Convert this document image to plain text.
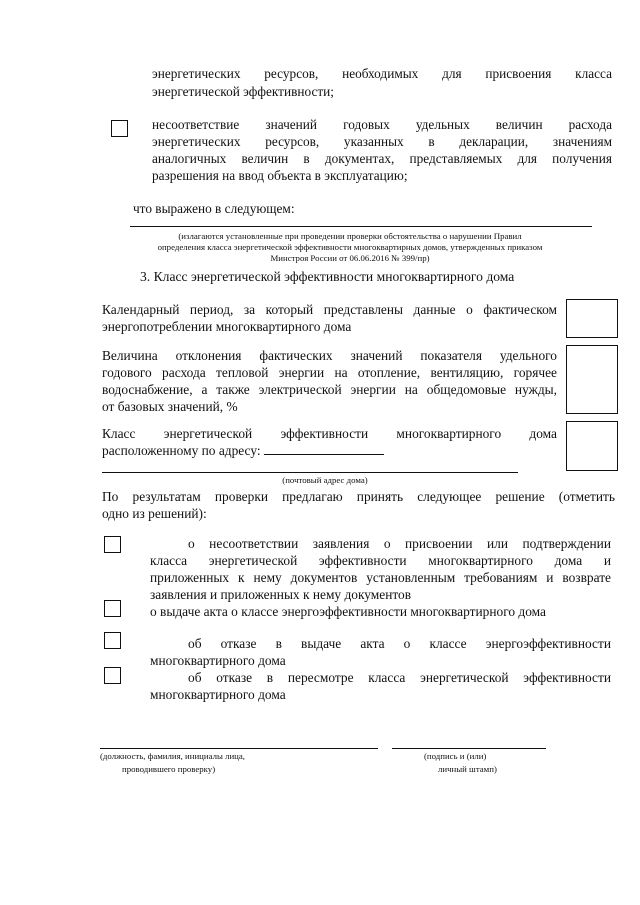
энергетических ресурсов, необходимых для присвоения класса
энергетической эффективности;
несоответствие значений годовых удельных величин расхода
энергетических ресурсов, указанных в декларации, значениям
аналогичных величин в документах, представляемых для получения
разрешения на ввод объекта в эксплуатацию;
что выражено в следующем:
(излагаются установленные при проведении проверки обстоятельства о нарушении Правил
определения класса энергетической эффективности многоквартирных домов, утвержденных приказом
Минстроя России от 06.06.2016 № 399/пр)
3. Класс энергетической эффективности многоквартирного дома
Календарный период, за который представлены данные о фактическом
энергопотреблении многоквартирного дома
Величина отклонения фактических значений показателя удельного
годового расхода тепловой энергии на отопление, вентиляцию, горячее
водоснабжение, а также электрической энергии на общедомовые нужды,
от базовых значений, %
Класс энергетической эффективности многоквартирного дома
расположенному по адресу:
(почтовый адрес дома)
По результатам проверки предлагаю принять следующее решение (отметить
одно из решений):
о несоответствии заявления о присвоении или подтверждении
класса энергетической эффективности многоквартирного дома и
приложенных к нему документов установленным требованиям и возврате
заявления и приложенных к нему документов
о выдаче акта о классе энергоэффективности многоквартирного дома
об отказе в выдаче акта о классе энергоэффективности
многоквартирного дома
об отказе в пересмотре класса энергетической эффективности
многоквартирного дома
(должность, фамилия, инициалы лица,
проводившего проверку)
(подпись и (или)
личный штамп)
